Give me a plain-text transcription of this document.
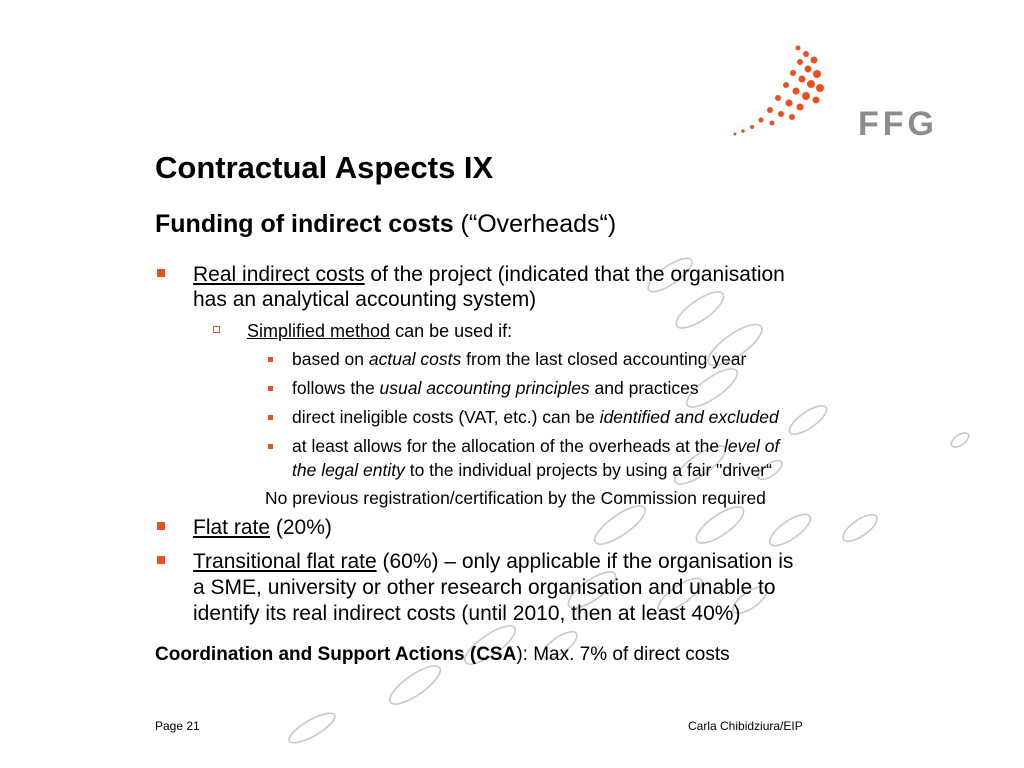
FFG
Contractual Aspects IX
Funding of indirect costs (“Overheads“)
Real indirect costs of the project (indicated that the organisation
has an analytical accounting system)
Simplified method can be used if:
based on actual costs from the last closed accounting year
follows the usual accounting principles and practices
direct ineligible costs (VAT, etc.) can be identified and excluded
at least allows for the allocation of the overheads at the level of
the legal entity to the individual projects by using a fair "driver“
No previous registration/certification by the Commission required
Flat rate (20%)
Transitional flat rate (60%) – only applicable if the organisation is
a SME, university or other research organisation and unable to
identify its real indirect costs (until 2010, then at least 40%)
Coordination and Support Actions (CSA): Max. 7% of direct costs
Page 21	Carla Chibidziura/EIP
